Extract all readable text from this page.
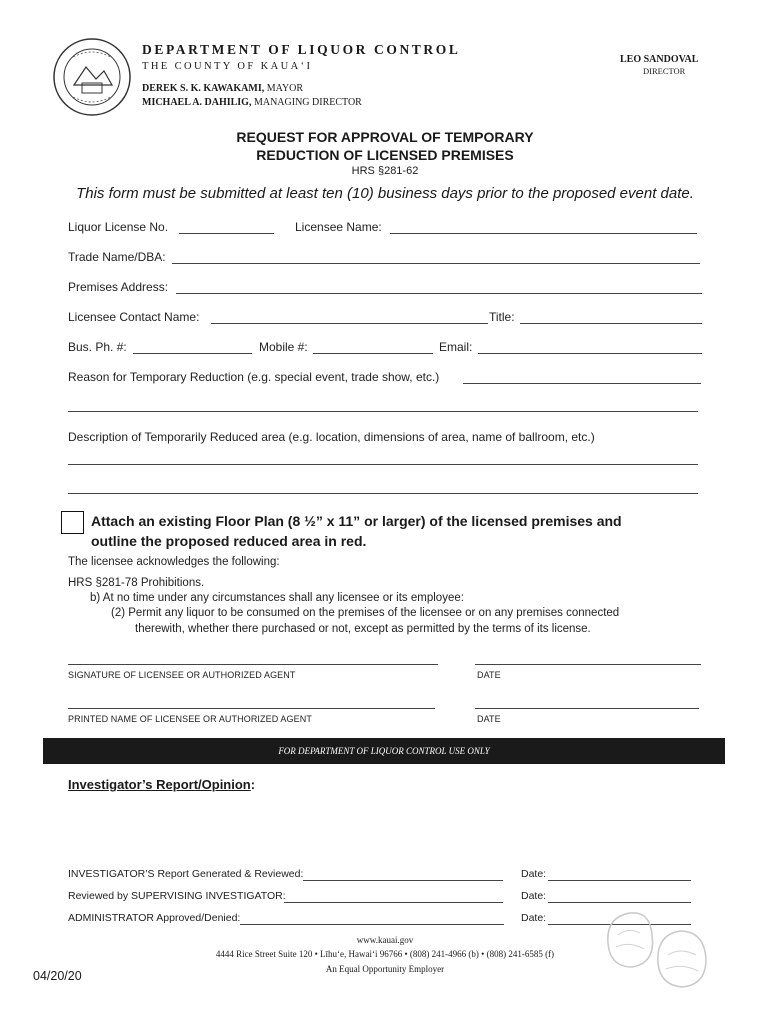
DEPARTMENT OF LIQUOR CONTROL
THE COUNTY OF KAUA‘I
DEREK S. K. KAWAKAMI, MAYOR
MICHAEL A. DAHILIG, MANAGING DIRECTOR
LEO SANDOVAL
DIRECTOR
REQUEST FOR APPROVAL OF TEMPORARY
REDUCTION OF LICENSED PREMISES
HRS §281-62
This form must be submitted at least ten (10) business days prior to the proposed event date.
Liquor License No.	Licensee Name:
Trade Name/DBA:
Premises Address:
Licensee Contact Name:	Title:
Bus. Ph. #:	Mobile #:	Email:
Reason for Temporary Reduction (e.g. special event, trade show, etc.)
Description of Temporarily Reduced area (e.g. location, dimensions of area, name of ballroom, etc.)
Attach an existing Floor Plan (8 ½” x 11” or larger) of the licensed premises and
outline the proposed reduced area in red.
The licensee acknowledges the following:
HRS §281-78 Prohibitions.
b) At no time under any circumstances shall any licensee or its employee:
(2) Permit any liquor to be consumed on the premises of the licensee or on any premises connected
therewith, whether there purchased or not, except as permitted by the terms of its license.
SIGNATURE OF LICENSEE OR AUTHORIZED AGENT	DATE
PRINTED NAME OF LICENSEE OR AUTHORIZED AGENT	DATE
FOR DEPARTMENT OF LIQUOR CONTROL USE ONLY
Investigator’s Report/Opinion:
INVESTIGATOR’S Report Generated & Reviewed:	Date:
Reviewed by SUPERVISING INVESTIGATOR:	Date:
ADMINISTRATOR Approved/Denied:	Date:
www.kauai.gov
4444 Rice Street Suite 120 • Līhu‘e, Hawai‘i 96766 • (808) 241-4966 (b) • (808) 241-6585 (f)
An Equal Opportunity Employer
04/20/20
